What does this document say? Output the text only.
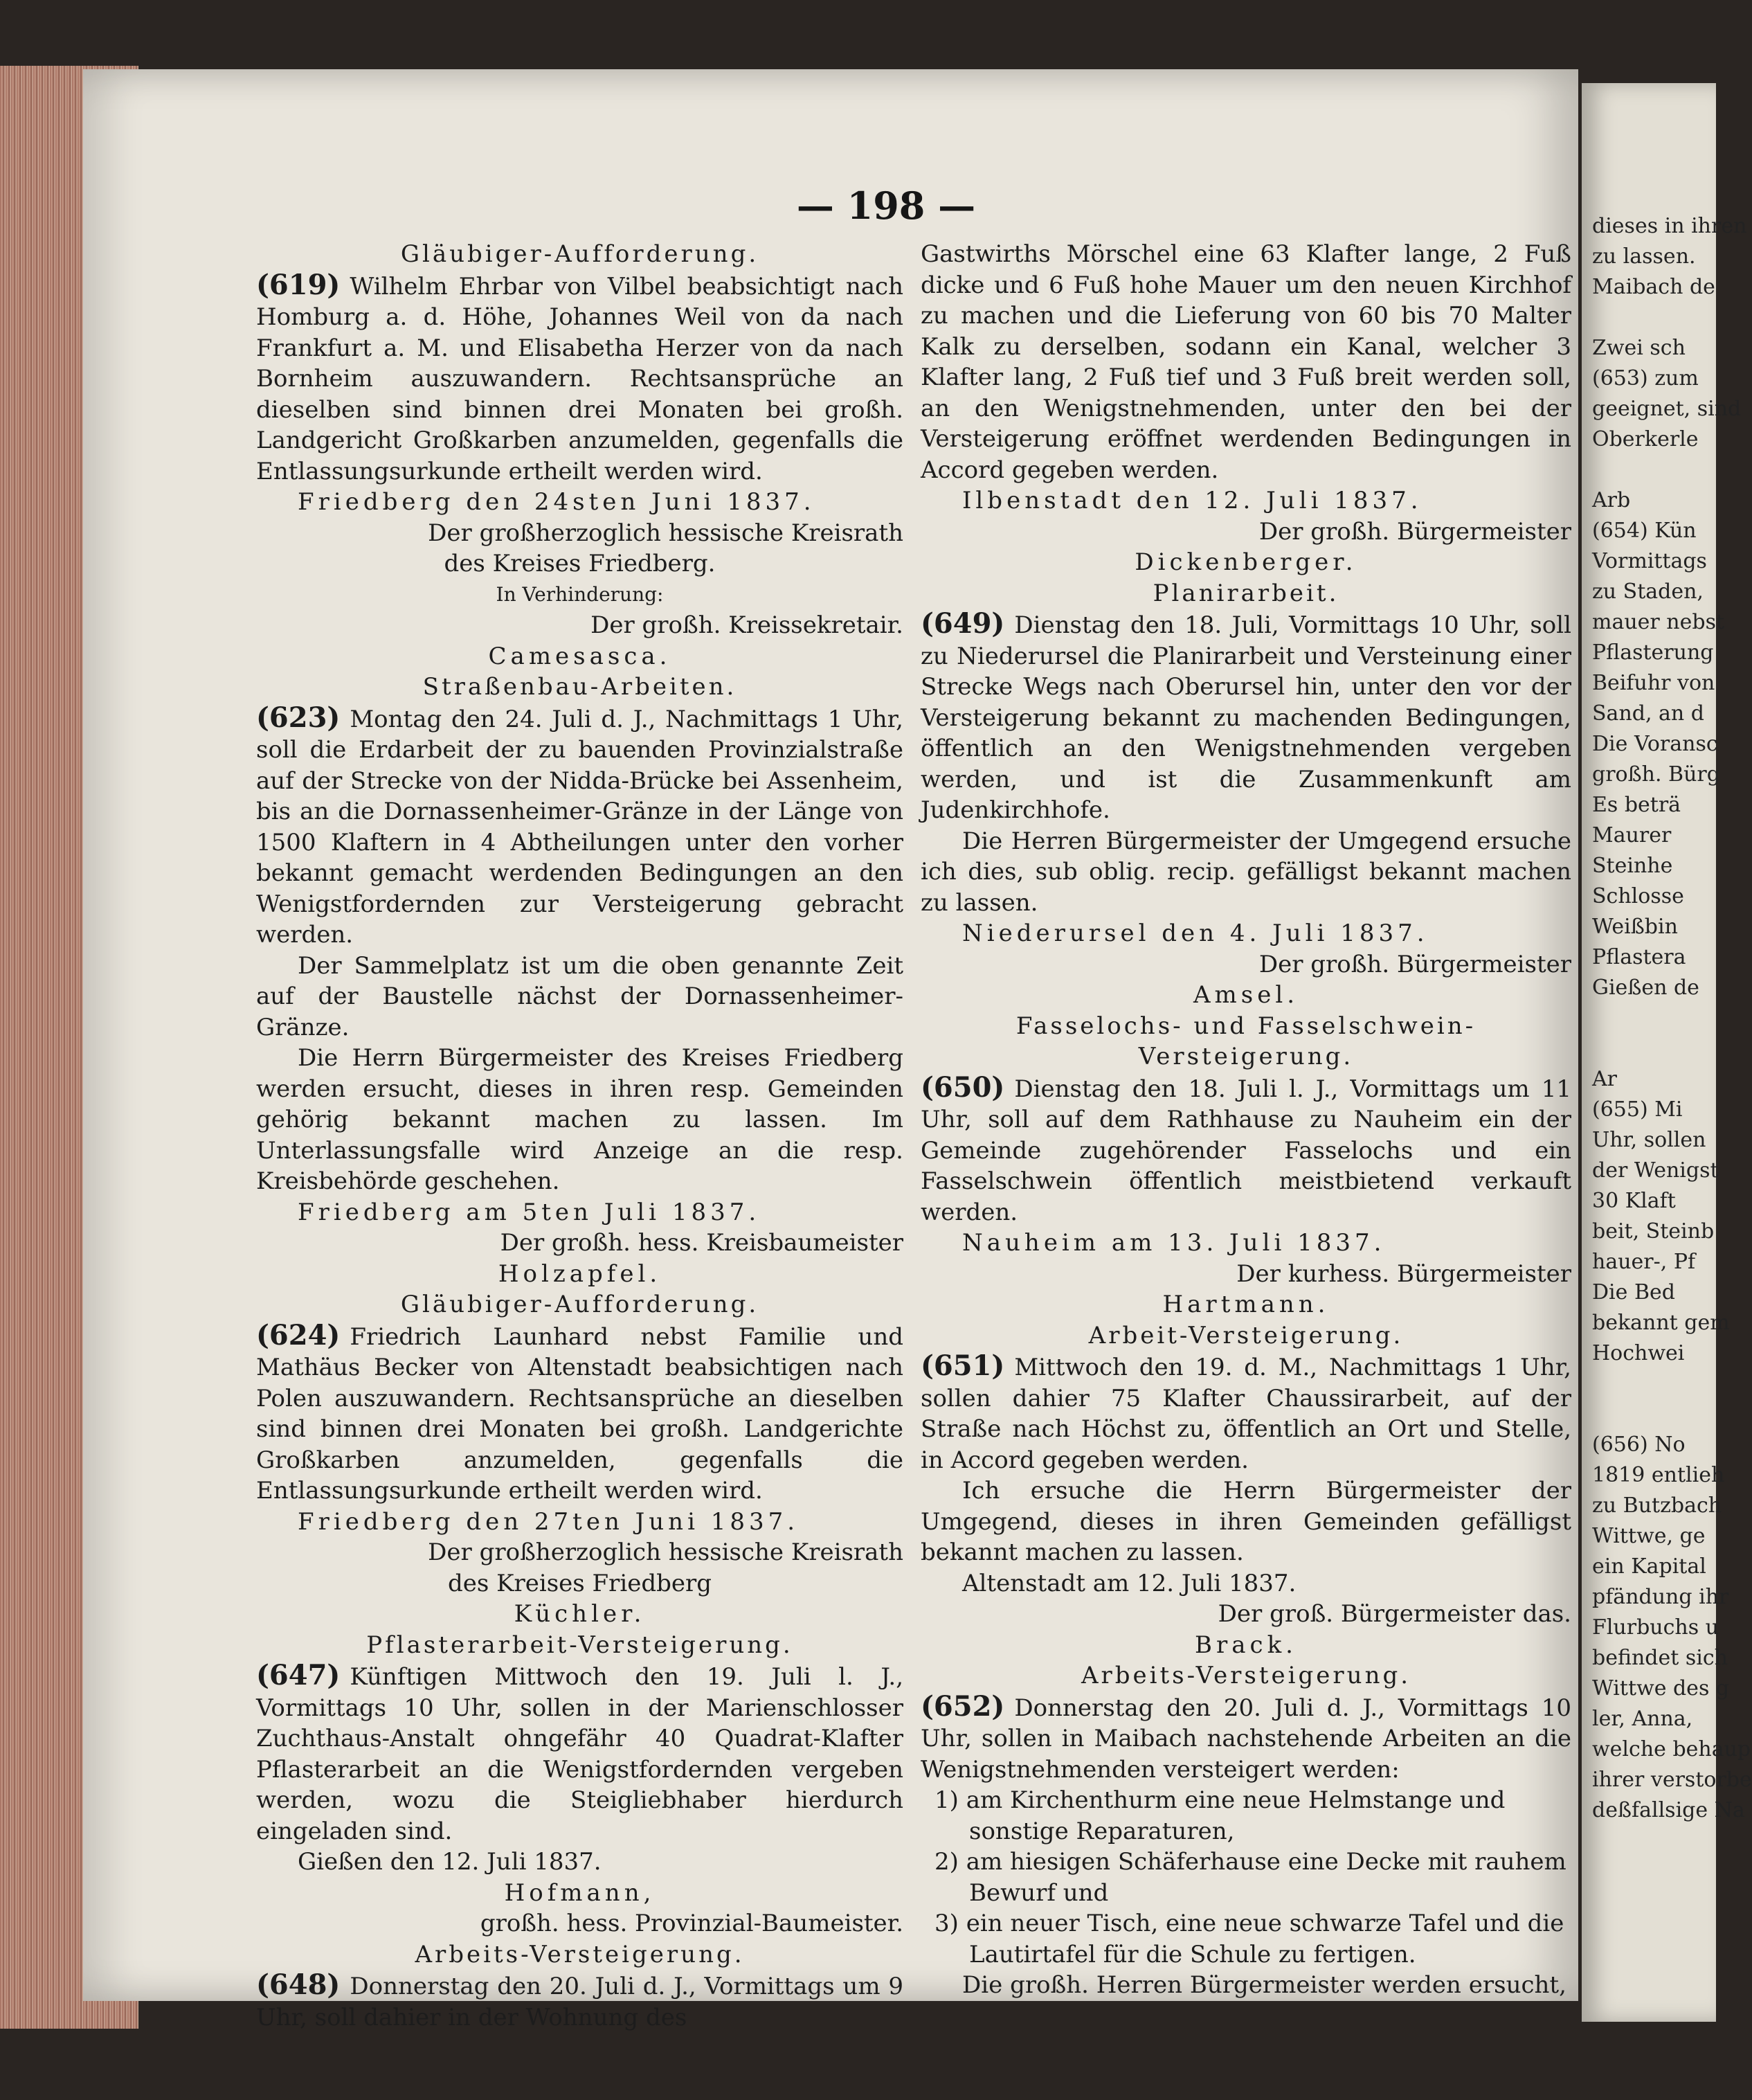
— 198 —

Gläubiger-Aufforderung.

(619) Wilhelm Ehrbar von Vilbel beabsichtigt nach Homburg a. d. Höhe, Johannes Weil von da nach Frankfurt a. M. und Elisabetha Herzer von da nach Bornheim auszuwandern. Rechtsansprüche an dieselben sind binnen drei Monaten bei großh. Landgericht Großkarben anzumelden, gegenfalls die Entlassungsurkunde ertheilt werden wird.

Friedberg den 24sten Juni 1837.

Der großherzoglich hessische Kreisrath

des Kreises Friedberg.

In Verhinderung:

Der großh. Kreissekretair.

Camesasca.

Straßenbau-Arbeiten.

(623) Montag den 24. Juli d. J., Nachmittags 1 Uhr, soll die Erdarbeit der zu bauenden Provinzialstraße auf der Strecke von der Nidda-Brücke bei Assenheim, bis an die Dornassenheimer-Gränze in der Länge von 1500 Klaftern in 4 Abtheilungen unter den vorher bekannt gemacht werdenden Bedingungen an den Wenigstfordernden zur Versteigerung gebracht werden.

Der Sammelplatz ist um die oben genannte Zeit auf der Baustelle nächst der Dornassenheimer-Gränze.

Die Herrn Bürgermeister des Kreises Friedberg werden ersucht, dieses in ihren resp. Gemeinden gehörig bekannt machen zu lassen. Im Unterlassungsfalle wird Anzeige an die resp. Kreisbehörde geschehen.

Friedberg am 5ten Juli 1837.

Der großh. hess. Kreisbaumeister

Holzapfel.

Gläubiger-Aufforderung.

(624) Friedrich Launhard nebst Familie und Mathäus Becker von Altenstadt beabsichtigen nach Polen auszuwandern. Rechtsansprüche an dieselben sind binnen drei Monaten bei großh. Landgerichte Großkarben anzumelden, gegenfalls die Entlassungsurkunde ertheilt werden wird.

Friedberg den 27ten Juni 1837.

Der großherzoglich hessische Kreisrath

des Kreises Friedberg

Küchler.

Pflasterarbeit-Versteigerung.

(647) Künftigen Mittwoch den 19. Juli l. J., Vormittags 10 Uhr, sollen in der Marienschlosser Zuchthaus-Anstalt ohngefähr 40 Quadrat-Klafter Pflasterarbeit an die Wenigstfordernden vergeben werden, wozu die Steigliebhaber hierdurch eingeladen sind.

Gießen den 12. Juli 1837.

Hofmann,

großh. hess. Provinzial-Baumeister.

Arbeits-Versteigerung.

(648) Donnerstag den 20. Juli d. J., Vormittags um 9 Uhr, soll dahier in der Wohnung des

Gastwirths Mörschel eine 63 Klafter lange, 2 Fuß dicke und 6 Fuß hohe Mauer um den neuen Kirchhof zu machen und die Lieferung von 60 bis 70 Malter Kalk zu derselben, sodann ein Kanal, welcher 3 Klafter lang, 2 Fuß tief und 3 Fuß breit werden soll, an den Wenigstnehmenden, unter den bei der Versteigerung eröffnet werdenden Bedingungen in Accord gegeben werden.

Ilbenstadt den 12. Juli 1837.

Der großh. Bürgermeister

Dickenberger.

Planirarbeit.

(649) Dienstag den 18. Juli, Vormittags 10 Uhr, soll zu Niederursel die Planirarbeit und Versteinung einer Strecke Wegs nach Oberursel hin, unter den vor der Versteigerung bekannt zu machenden Bedingungen, öffentlich an den Wenigstnehmenden vergeben werden, und ist die Zusammenkunft am Judenkirchhofe.

Die Herren Bürgermeister der Umgegend ersuche ich dies, sub oblig. recip. gefälligst bekannt machen zu lassen.

Niederursel den 4. Juli 1837.

Der großh. Bürgermeister

Amsel.

Fasselochs- und Fasselschwein-

Versteigerung.

(650) Dienstag den 18. Juli l. J., Vormittags um 11 Uhr, soll auf dem Rathhause zu Nauheim ein der Gemeinde zugehörender Fasselochs und ein Fasselschwein öffentlich meistbietend verkauft werden.

Nauheim am 13. Juli 1837.

Der kurhess. Bürgermeister

Hartmann.

Arbeit-Versteigerung.

(651) Mittwoch den 19. d. M., Nachmittags 1 Uhr, sollen dahier 75 Klafter Chaussirarbeit, auf der Straße nach Höchst zu, öffentlich an Ort und Stelle, in Accord gegeben werden.

Ich ersuche die Herrn Bürgermeister der Umgegend, dieses in ihren Gemeinden gefälligst bekannt machen zu lassen.

Altenstadt am 12. Juli 1837.

Der groß. Bürgermeister das.

Brack.

Arbeits-Versteigerung.

(652) Donnerstag den 20. Juli d. J., Vormittags 10 Uhr, sollen in Maibach nachstehende Arbeiten an die Wenigstnehmenden versteigert werden:

1) am Kirchenthurm eine neue Helmstange und sonstige Reparaturen,

2) am hiesigen Schäferhause eine Decke mit rauhem Bewurf und

3) ein neuer Tisch, eine neue schwarze Tafel und die Lautirtafel für die Schule zu fertigen.

Die großh. Herren Bürgermeister werden ersucht,

dieses in ihren

zu lassen.

Maibach de

Zwei sch

(653) zum

geeignet, sind

Oberkerle

Arb

(654) Kün

Vormittags

zu Staden,

mauer nebst

Pflasterung

Beifuhr von

Sand, an d

Die Voransc

großh. Bürg

Es beträ

Maurer

Steinhe

Schlosse

Weißbin

Pflastera

Gießen de

Ar

(655) Mi

Uhr, sollen

der Wenigst

30 Klaft

beit, Steinb

hauer-, Pf

Die Bed

bekannt gem

Hochwei

(656) No

1819 entlieh

zu Butzbach

Wittwe, ge

ein Kapital

pfändung ihr

Flurbuchs u

befindet sich

Wittwe des g

ler, Anna,

welche behaup

ihrer verstorbe

deßfallsige Na
